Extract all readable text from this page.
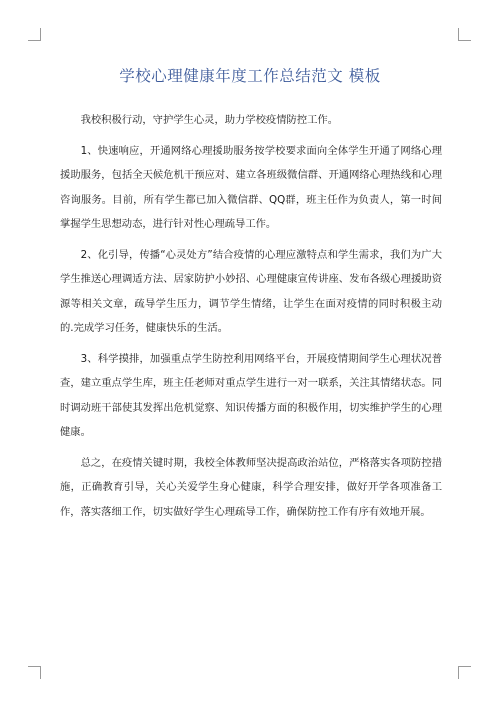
学校心理健康年度工作总结范文 模板

我校积极行动，守护学生心灵，助力学校疫情防控工作。

1、快速响应，开通网络心理援助服务按学校要求面向全体学生开通了网络心理援助服务，包括全天候危机干预应对、建立各班级微信群、开通网络心理热线和心理咨询服务。目前，所有学生都已加入微信群、QQ群，班主任作为负责人，第一时间掌握学生思想动态，进行针对性心理疏导工作。

2、化引导，传播“心灵处方”结合疫情的心理应激特点和学生需求，我们为广大学生推送心理调适方法、居家防护小妙招、心理健康宣传讲座、发布各级心理援助资源等相关文章，疏导学生压力，调节学生情绪，让学生在面对疫情的同时积极主动的.完成学习任务，健康快乐的生活。

3、科学摸排，加强重点学生防控利用网络平台，开展疫情期间学生心理状况普查，建立重点学生库，班主任老师对重点学生进行一对一联系，关注其情绪状态。同时调动班干部使其发挥出危机觉察、知识传播方面的积极作用，切实维护学生的心理健康。

总之，在疫情关键时期，我校全体教师坚决提高政治站位，严格落实各项防控措施，正确教育引导，关心关爱学生身心健康，科学合理安排，做好开学各项准备工作，落实落细工作，切实做好学生心理疏导工作，确保防控工作有序有效地开展。
